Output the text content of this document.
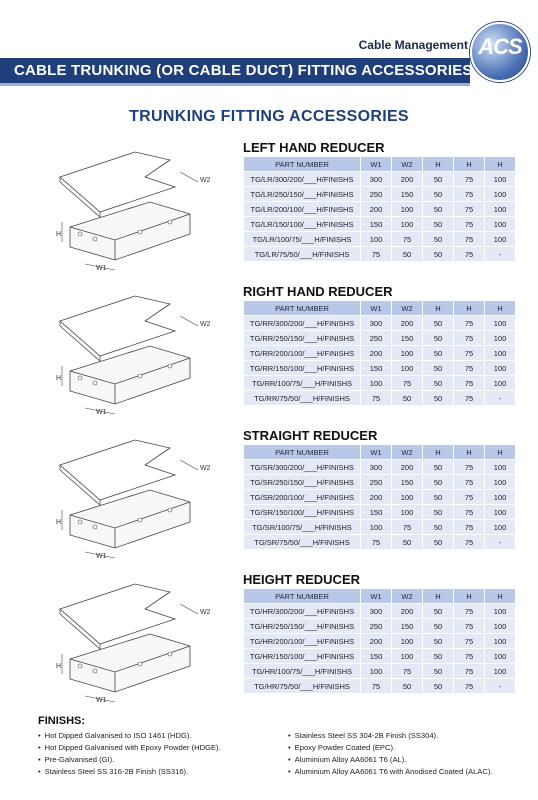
Cable Management
CABLE TRUNKING (OR CABLE DUCT) FITTING ACCESSORIES
ACS
TRUNKING FITTING ACCESSORIES
LEFT HAND REDUCER
W2
H
W1
PART NUMBER	W1	W2	H	H	H
TG/LR/300/200/___H/FINISHS	300	200	50	75	100
TG/LR/250/150/___H/FINISHS	250	150	50	75	100
TG/LR/200/100/___H/FINISHS	200	100	50	75	100
TG/LR/150/100/___H/FINISHS	150	100	50	75	100
TG/LR/100/75/___H/FINISHS	100	75	50	75	100
TG/LR/75/50/___H/FINISHS	75	50	50	75	-
RIGHT HAND REDUCER
W2
H
W1
PART NUMBER	W1	W2	H	H	H
TG/RR/300/200/___H/FINISHS	300	200	50	75	100
TG/RR/250/150/___H/FINISHS	250	150	50	75	100
TG/RR/200/100/___H/FINISHS	200	100	50	75	100
TG/RR/150/100/___H/FINISHS	150	100	50	75	100
TG/RR/100/75/___H/FINISHS	100	75	50	75	100
TG/RR/75/50/___H/FINISHS	75	50	50	75	-
STRAIGHT REDUCER
W2
H
W1
PART NUMBER	W1	W2	H	H	H
TG/SR/300/200/___H/FINISHS	300	200	50	75	100
TG/SR/250/150/___H/FINISHS	250	150	50	75	100
TG/SR/200/100/___H/FINISHS	200	100	50	75	100
TG/SR/150/100/___H/FINISHS	150	100	50	75	100
TG/SR/100/75/___H/FINISHS	100	75	50	75	100
TG/SR/75/50/___H/FINISHS	75	50	50	75	-
HEIGHT REDUCER
W2
H
W1
PART NUMBER	W1	W2	H	H	H
TG/HR/300/200/___H/FINISHS	300	200	50	75	100
TG/HR/250/150/___H/FINISHS	250	150	50	75	100
TG/HR/200/100/___H/FINISHS	200	100	50	75	100
TG/HR/150/100/___H/FINISHS	150	100	50	75	100
TG/HR/100/75/___H/FINISHS	100	75	50	75	100
TG/HR/75/50/___H/FINISHS	75	50	50	75	-
FINISHS:
• Hot Dipped Galvanised to ISO 1461 (HDG).
• Hot Dipped Galvanised with Epoxy Powder (HDGE).
• Pre-Galvanised (GI).
• Stainless Steel SS 316-2B Finish (SS316).
• Stainless Steel SS 304-2B Finish (SS304).
• Epoxy Powder Coated (EPC).
• Aluminium Alloy AA6061 T6 (AL).
• Aluminium Alloy AA6061 T6 with Anodised Coated (ALAC).
